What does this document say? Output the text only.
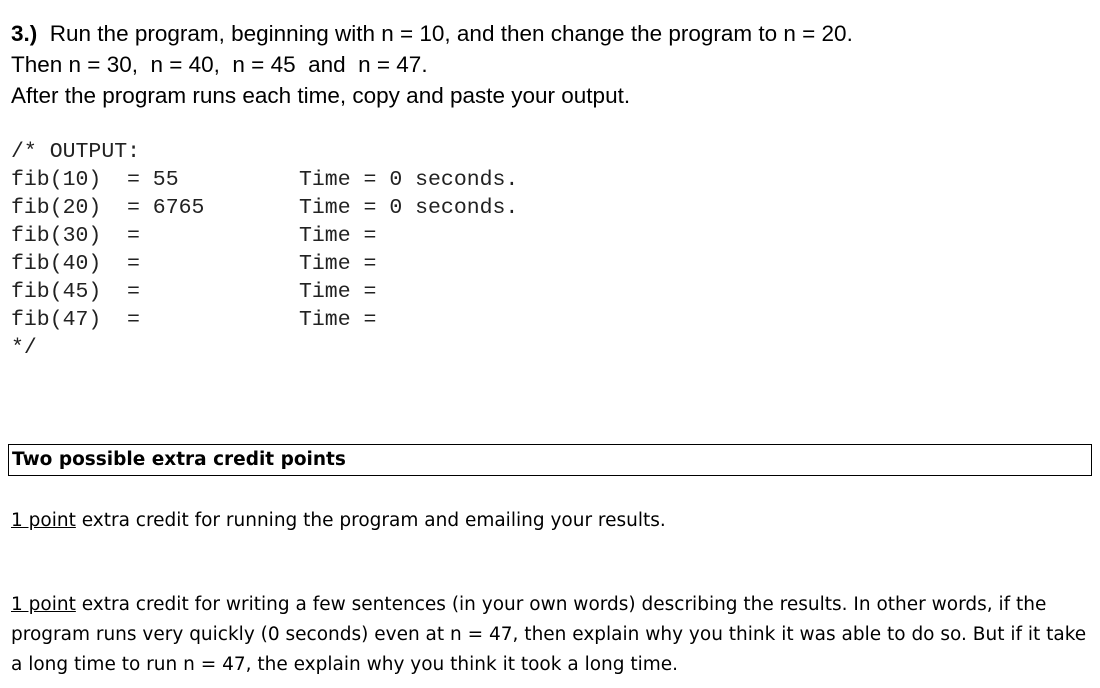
3.) Run the program, beginning with n = 10, and then change the program to n = 20.
Then n = 30,  n = 40,  n = 45  and  n = 47.
After the program runs each time, copy and paste your output.
/* OUTPUT:
fib(10) = 55	Time = 0 seconds.
fib(20) = 6765	Time = 0 seconds.
fib(30) =	Time =
fib(40) =	Time =
fib(45) =	Time =
fib(47) =	Time =
*/
Two possible extra credit points
1 point extra credit for running the program and emailing your results.
1 point extra credit for writing a few sentences (in your own words) describing the results. In other words, if the program runs very quickly (0 seconds) even at n = 47, then explain why you think it was able to do so. But if it take a long time to run n = 47, the explain why you think it took a long time.
